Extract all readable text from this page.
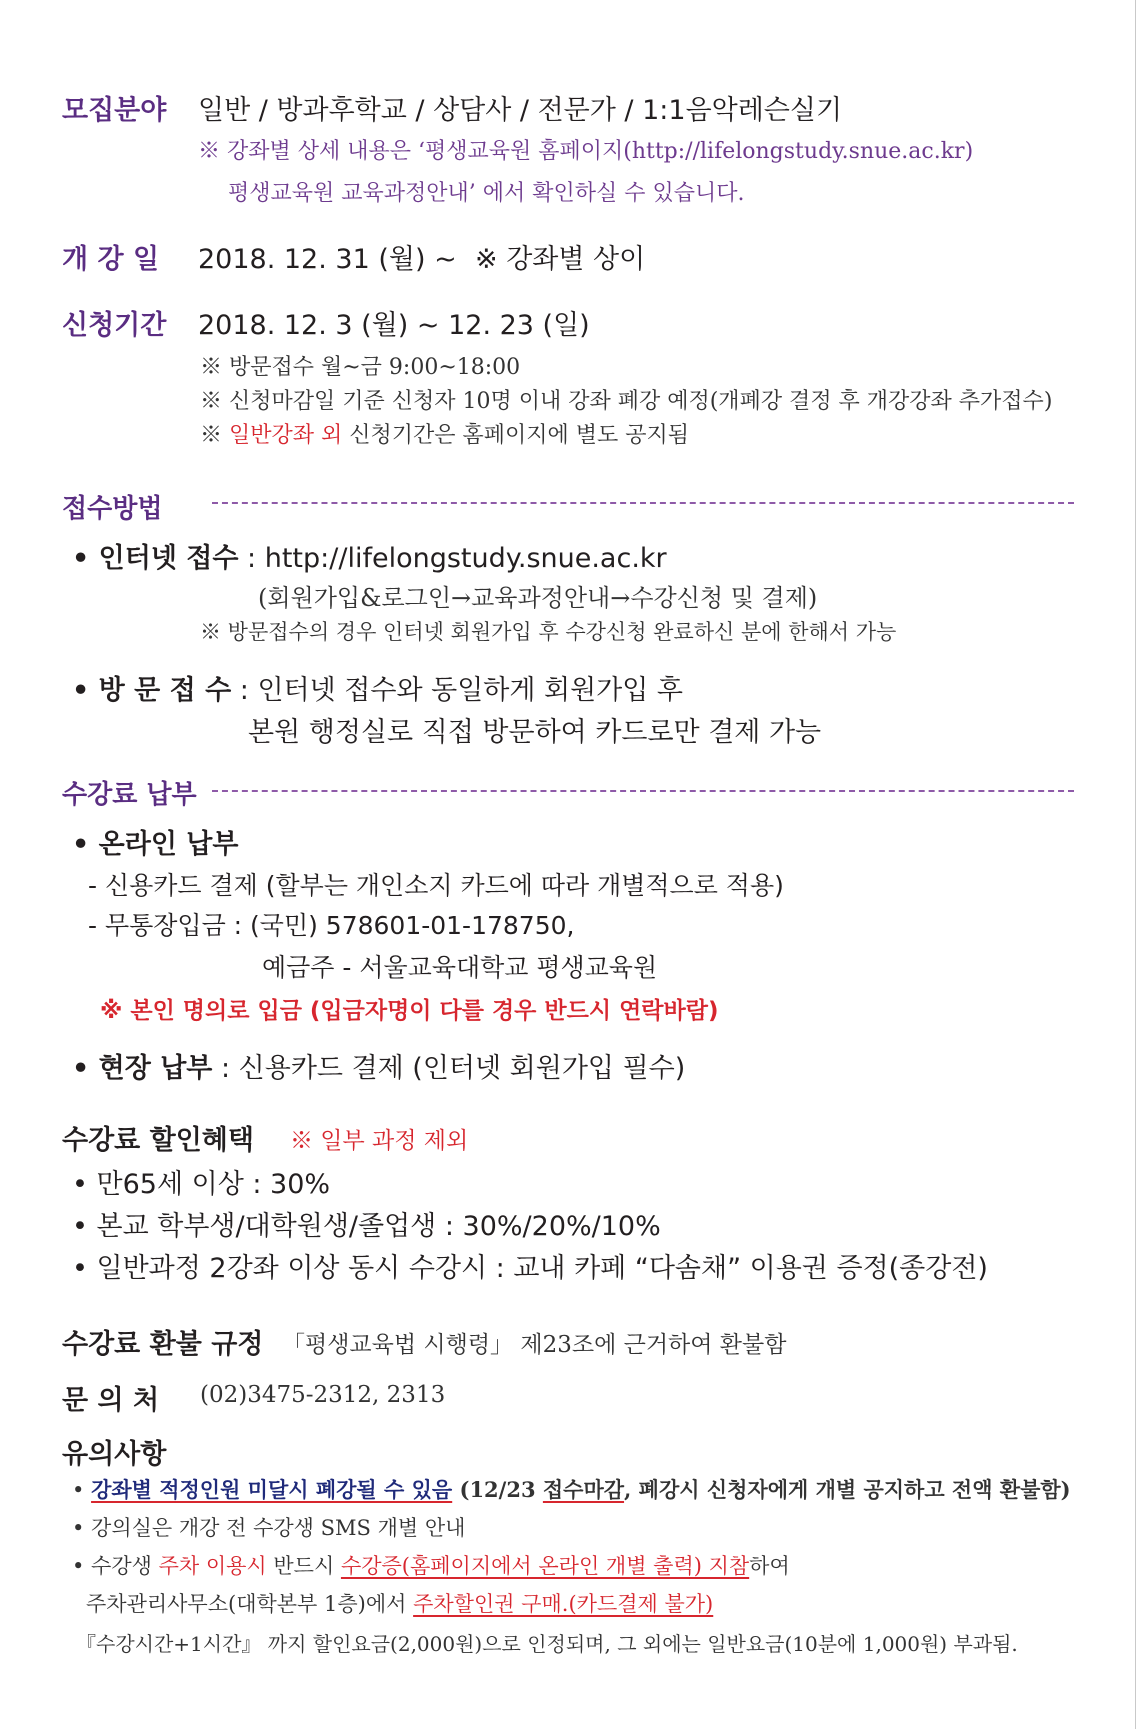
모집분야 일반 / 방과후학교 / 상담사 / 전문가 / 1:1음악레슨실기
※ 강좌별 상세 내용은 ‘평생교육원 홈페이지(http://lifelongstudy.snue.ac.kr)
평생교육원 교육과정안내’ 에서 확인하실 수 있습니다.
개 강 일 2018. 12. 31 (월) ~ ※ 강좌별 상이
신청기간 2018. 12. 3 (월) ~ 12. 23 (일)
※ 방문접수 월~금 9:00~18:00
※ 신청마감일 기준 신청자 10명 이내 강좌 폐강 예정(개폐강 결정 후 개강강좌 추가접수)
※ 일반강좌 외 신청기간은 홈페이지에 별도 공지됨
접수방법
• 인터넷 접수 : http://lifelongstudy.snue.ac.kr
(회원가입&로그인→교육과정안내→수강신청 및 결제)
※ 방문접수의 경우 인터넷 회원가입 후 수강신청 완료하신 분에 한해서 가능
• 방 문 접 수 : 인터넷 접수와 동일하게 회원가입 후
본원 행정실로 직접 방문하여 카드로만 결제 가능
수강료 납부
• 온라인 납부
- 신용카드 결제 (할부는 개인소지 카드에 따라 개별적으로 적용)
- 무통장입금 : (국민) 578601-01-178750,
예금주 - 서울교육대학교 평생교육원
※ 본인 명의로 입금 (입금자명이 다를 경우 반드시 연락바람)
• 현장 납부 : 신용카드 결제 (인터넷 회원가입 필수)
수강료 할인혜택 ※ 일부 과정 제외
• 만65세 이상 : 30%
• 본교 학부생/대학원생/졸업생 : 30%/20%/10%
• 일반과정 2강좌 이상 동시 수강시 : 교내 카페 “다솜채” 이용권 증정(종강전)
수강료 환불 규정 「평생교육법 시행령」 제23조에 근거하여 환불함
문 의 처 (02)3475-2312, 2313
유의사항
• 강좌별 적정인원 미달시 폐강될 수 있음 (12/23 접수마감, 폐강시 신청자에게 개별 공지하고 전액 환불함)
• 강의실은 개강 전 수강생 SMS 개별 안내
• 수강생 주차 이용시 반드시 수강증(홈페이지에서 온라인 개별 출력) 지참하여
주차관리사무소(대학본부 1층)에서 주차할인권 구매.(카드결제 불가)
『수강시간+1시간』 까지 할인요금(2,000원)으로 인정되며, 그 외에는 일반요금(10분에 1,000원) 부과됨.
